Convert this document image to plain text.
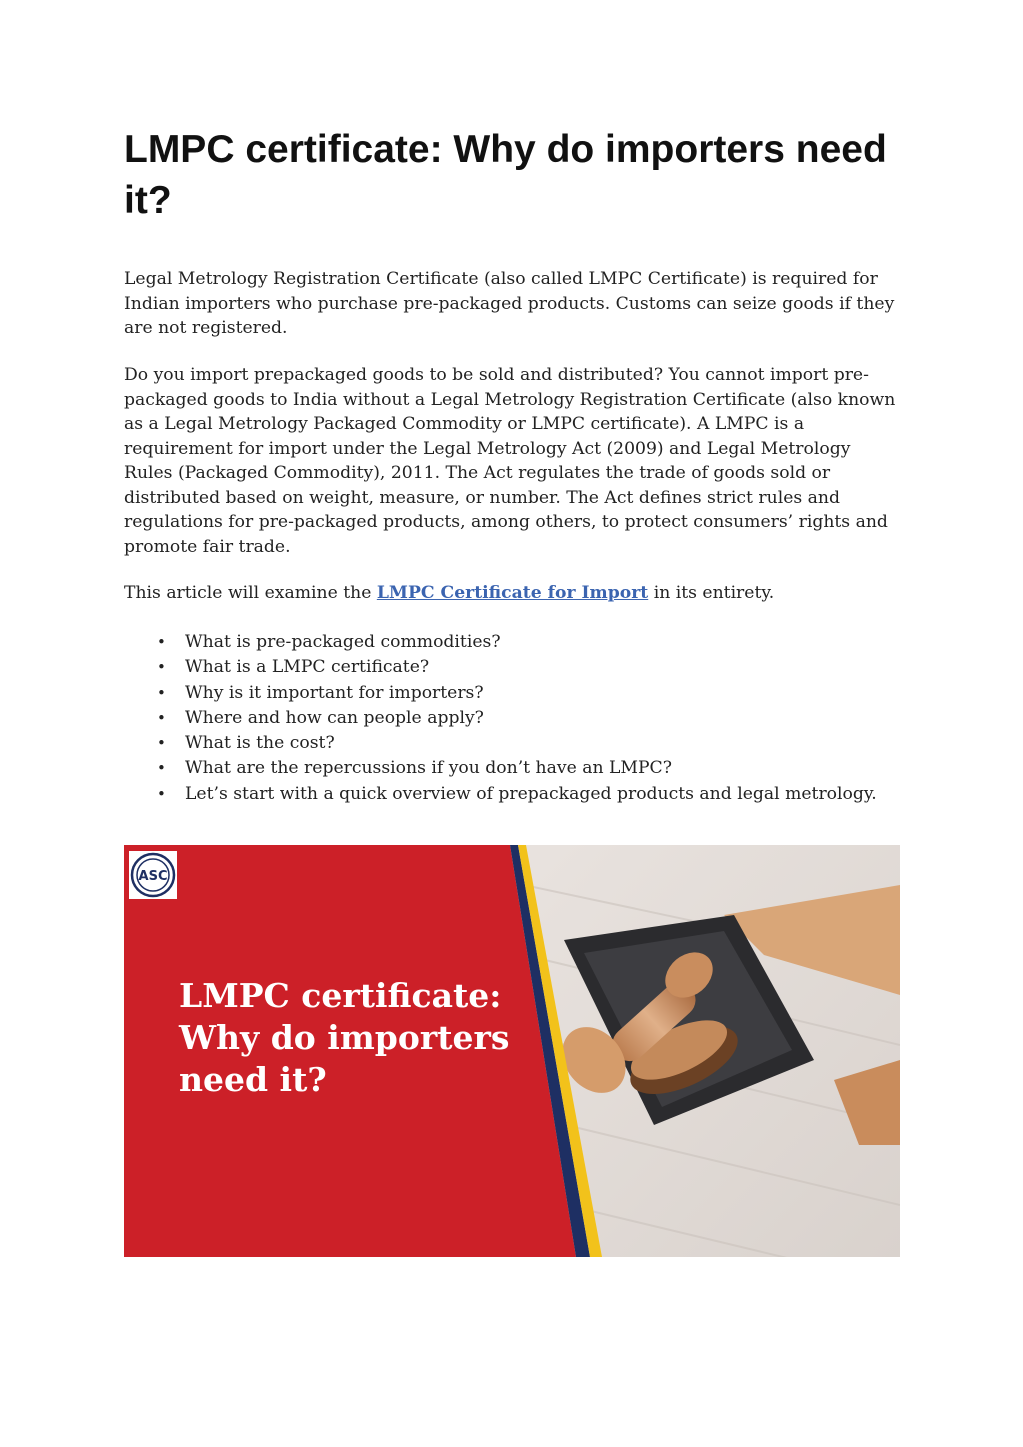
LMPC certificate: Why do importers need it?

Legal Metrology Registration Certificate (also called LMPC Certificate) is required for Indian importers who purchase pre-packaged products. Customs can seize goods if they are not registered.

Do you import prepackaged goods to be sold and distributed? You cannot import pre-packaged goods to India without a Legal Metrology Registration Certificate (also known as a Legal Metrology Packaged Commodity or LMPC certificate). A LMPC is a requirement for import under the Legal Metrology Act (2009) and Legal Metrology Rules (Packaged Commodity), 2011. The Act regulates the trade of goods sold or distributed based on weight, measure, or number. The Act defines strict rules and regulations for pre-packaged products, among others, to protect consumers’ rights and promote fair trade.

This article will examine the LMPC Certificate for Import in its entirety.

• What is pre-packaged commodities?
• What is a LMPC certificate?
• Why is it important for importers?
• Where and how can people apply?
• What is the cost?
• What are the repercussions if you don’t have an LMPC?
• Let’s start with a quick overview of prepackaged products and legal metrology.
ASC
LMPC certificate:
Why do importers
need it?
